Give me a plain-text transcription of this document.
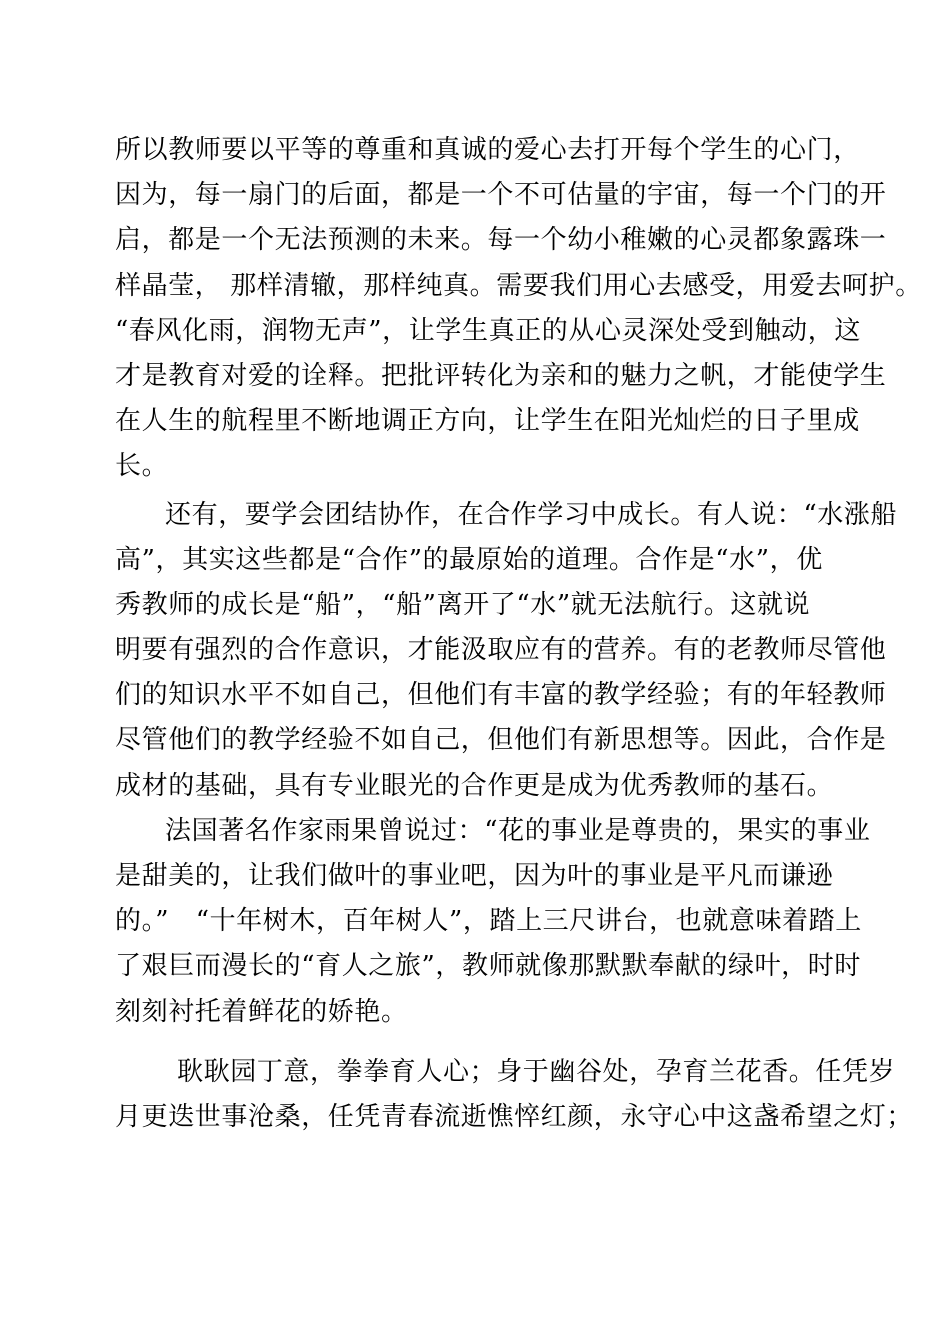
所以教师要以平等的尊重和真诚的爱心去打开每个学生的心门，
因为，每一扇门的后面，都是一个不可估量的宇宙，每一个门的开
启，都是一个无法预测的未来。每一个幼小稚嫩的心灵都象露珠一
样晶莹， 那样清辙，那样纯真。需要我们用心去感受，用爱去呵护。
“春风化雨，润物无声”，让学生真正的从心灵深处受到触动，这
才是教育对爱的诠释。把批评转化为亲和的魅力之帆，才能使学生
在人生的航程里不断地调正方向，让学生在阳光灿烂的日子里成
长。
还有，要学会团结协作，在合作学习中成长。有人说：“水涨船
高”，其实这些都是“合作”的最原始的道理。合作是“水”，优
秀教师的成长是“船”，“船”离开了“水”就无法航行。这就说
明要有强烈的合作意识，才能汲取应有的营养。有的老教师尽管他
们的知识水平不如自己，但他们有丰富的教学经验；有的年轻教师
尽管他们的教学经验不如自己，但他们有新思想等。因此，合作是
成材的基础，具有专业眼光的合作更是成为优秀教师的基石。
法国著名作家雨果曾说过：“花的事业是尊贵的，果实的事业
是甜美的，让我们做叶的事业吧，因为叶的事业是平凡而谦逊
的。”　“十年树木，百年树人”，踏上三尺讲台，也就意味着踏上
了艰巨而漫长的“育人之旅”，教师就像那默默奉献的绿叶，时时
刻刻衬托着鲜花的娇艳。
耿耿园丁意，拳拳育人心；身于幽谷处，孕育兰花香。任凭岁
月更迭世事沧桑，任凭青春流逝憔悴红颜，永守心中这盏希望之灯；
